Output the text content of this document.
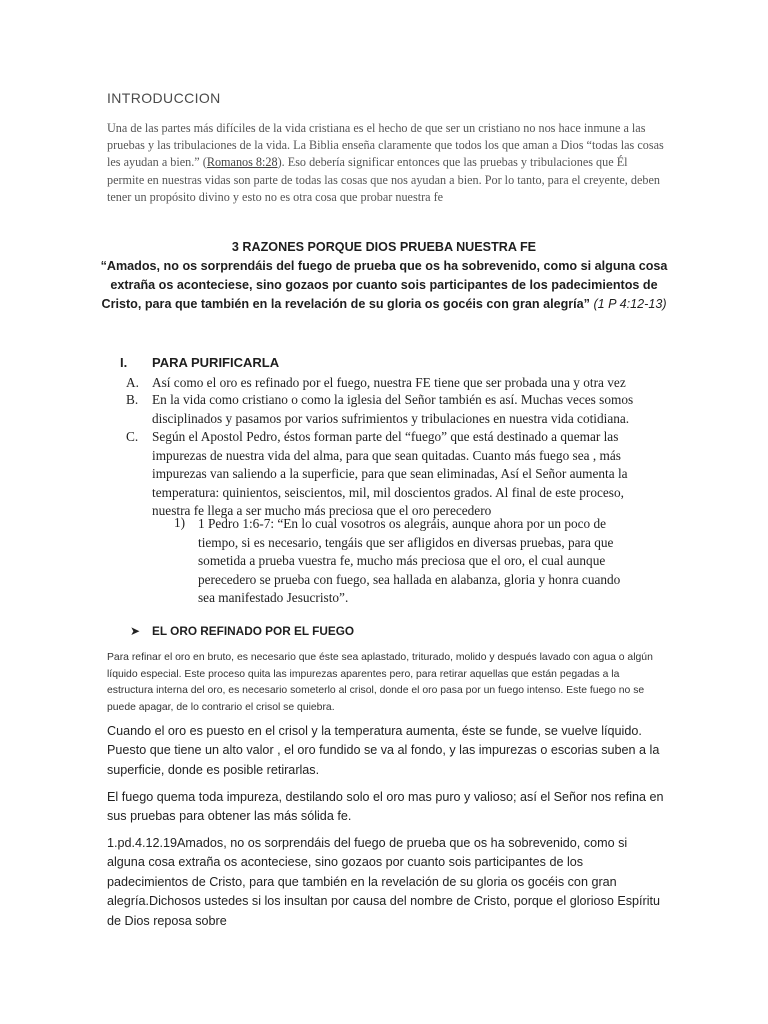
INTRODUCCION
Una de las partes más difíciles de la vida cristiana es el hecho de que ser un cristiano no nos hace inmune a las pruebas y las tribulaciones de la vida. La Biblia enseña claramente que todos los que aman a Dios “todas las cosas les ayudan a bien.” (Romanos 8:28). Eso debería significar entonces que las pruebas y tribulaciones que Él permite en nuestras vidas son parte de todas las cosas que nos ayudan a bien. Por lo tanto, para el creyente, deben tener un propósito divino y esto no es otra cosa que probar nuestra fe
3 RAZONES PORQUE DIOS PRUEBA NUESTRA FE
“Amados, no os sorprendáis del fuego de prueba que os ha sobrevenido, como si alguna cosa extraña os aconteciese, sino gozaos por cuanto sois participantes de los padecimientos de Cristo, para que también en la revelación de su gloria os gocéis con gran alegría” (1 P 4:12-13)
I. PARA PURIFICARLA
A. Así como el oro es refinado por el fuego, nuestra FE tiene que ser probada una y otra vez
B. En la vida como cristiano o como la iglesia del Señor también es así. Muchas veces somos disciplinados y pasamos por varios sufrimientos y tribulaciones en nuestra vida cotidiana.
C. Según el Apostol Pedro, éstos forman parte del “fuego” que está destinado a quemar las impurezas de nuestra vida del alma, para que sean quitadas. Cuanto más fuego sea , más impurezas van saliendo a la superficie, para que sean eliminadas, Así el Señor aumenta la temperatura: quinientos, seiscientos, mil, mil doscientos grados. Al final de este proceso, nuestra fe llega a ser mucho más preciosa que el oro perecedero
1) 1 Pedro 1:6-7: “En lo cual vosotros os alegráis, aunque ahora por un poco de tiempo, si es necesario, tengáis que ser afligidos en diversas pruebas, para que sometida a prueba vuestra fe, mucho más preciosa que el oro, el cual aunque perecedero se prueba con fuego, sea hallada en alabanza, gloria y honra cuando sea manifestado Jesucristo”.
➤ EL ORO REFINADO POR EL FUEGO
Para refinar el oro en bruto, es necesario que éste sea aplastado, triturado, molido y después lavado con agua o algún líquido especial. Este proceso quita las impurezas aparentes pero, para retirar aquellas que están pegadas a la estructura interna del oro, es necesario someterlo al crisol, donde el oro pasa por un fuego intenso. Este fuego no se puede apagar, de lo contrario el crisol se quiebra.
Cuando el oro es puesto en el crisol y la temperatura aumenta, éste se funde, se vuelve líquido. Puesto que tiene un alto valor , el oro fundido se va al fondo, y las impurezas o escorias suben a la superficie, donde es posible retirarlas.
El fuego quema toda impureza, destilando solo el oro mas puro y valioso; así el Señor nos refina en sus pruebas para obtener las más sólida fe.
1.pd.4.12.19Amados, no os sorprendáis del fuego de prueba que os ha sobrevenido, como si alguna cosa extraña os aconteciese, sino gozaos por cuanto sois participantes de los padecimientos de Cristo, para que también en la revelación de su gloria os gocéis con gran alegría.Dichosos ustedes si los insultan por causa del nombre de Cristo, porque el glorioso Espíritu de Dios reposa sobre
